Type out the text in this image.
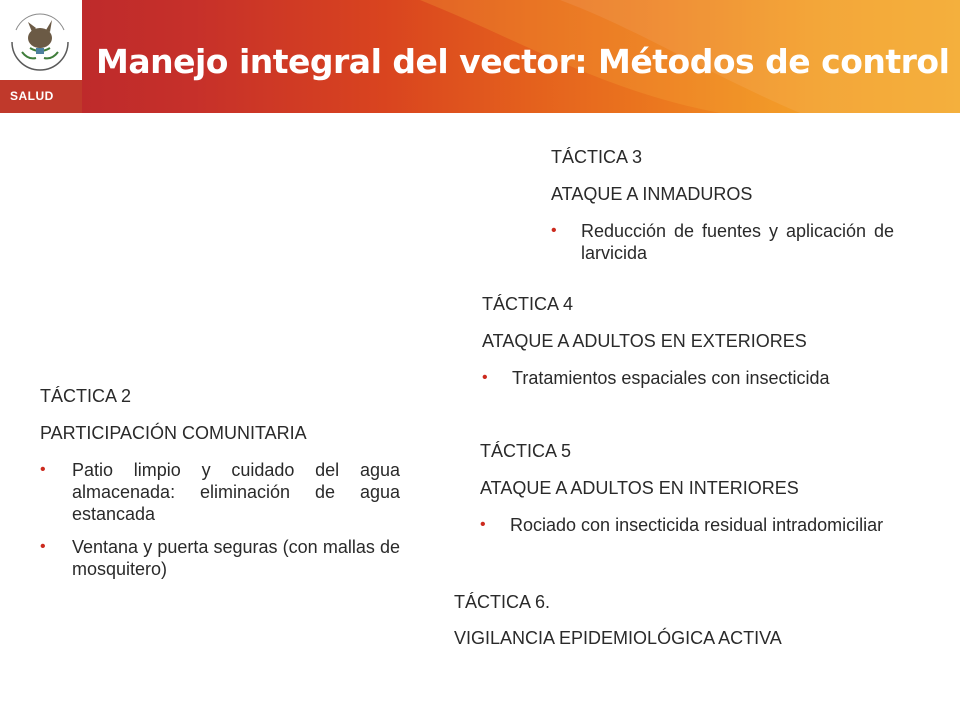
SALUD
Manejo integral del vector: Métodos de control
TÁCTICA 3
ATAQUE A INMADUROS
• Reducción de fuentes y aplicación de larvicida
TÁCTICA 4
ATAQUE A ADULTOS EN EXTERIORES
• Tratamientos espaciales con insecticida
TÁCTICA 2
PARTICIPACIÓN COMUNITARIA
• Patio limpio y cuidado del agua almacenada: eliminación de agua estancada
• Ventana y puerta seguras (con mallas de mosquitero)
TÁCTICA 5
ATAQUE A ADULTOS EN INTERIORES
• Rociado con insecticida residual intradomiciliar
TÁCTICA 6.
VIGILANCIA EPIDEMIOLÓGICA ACTIVA
